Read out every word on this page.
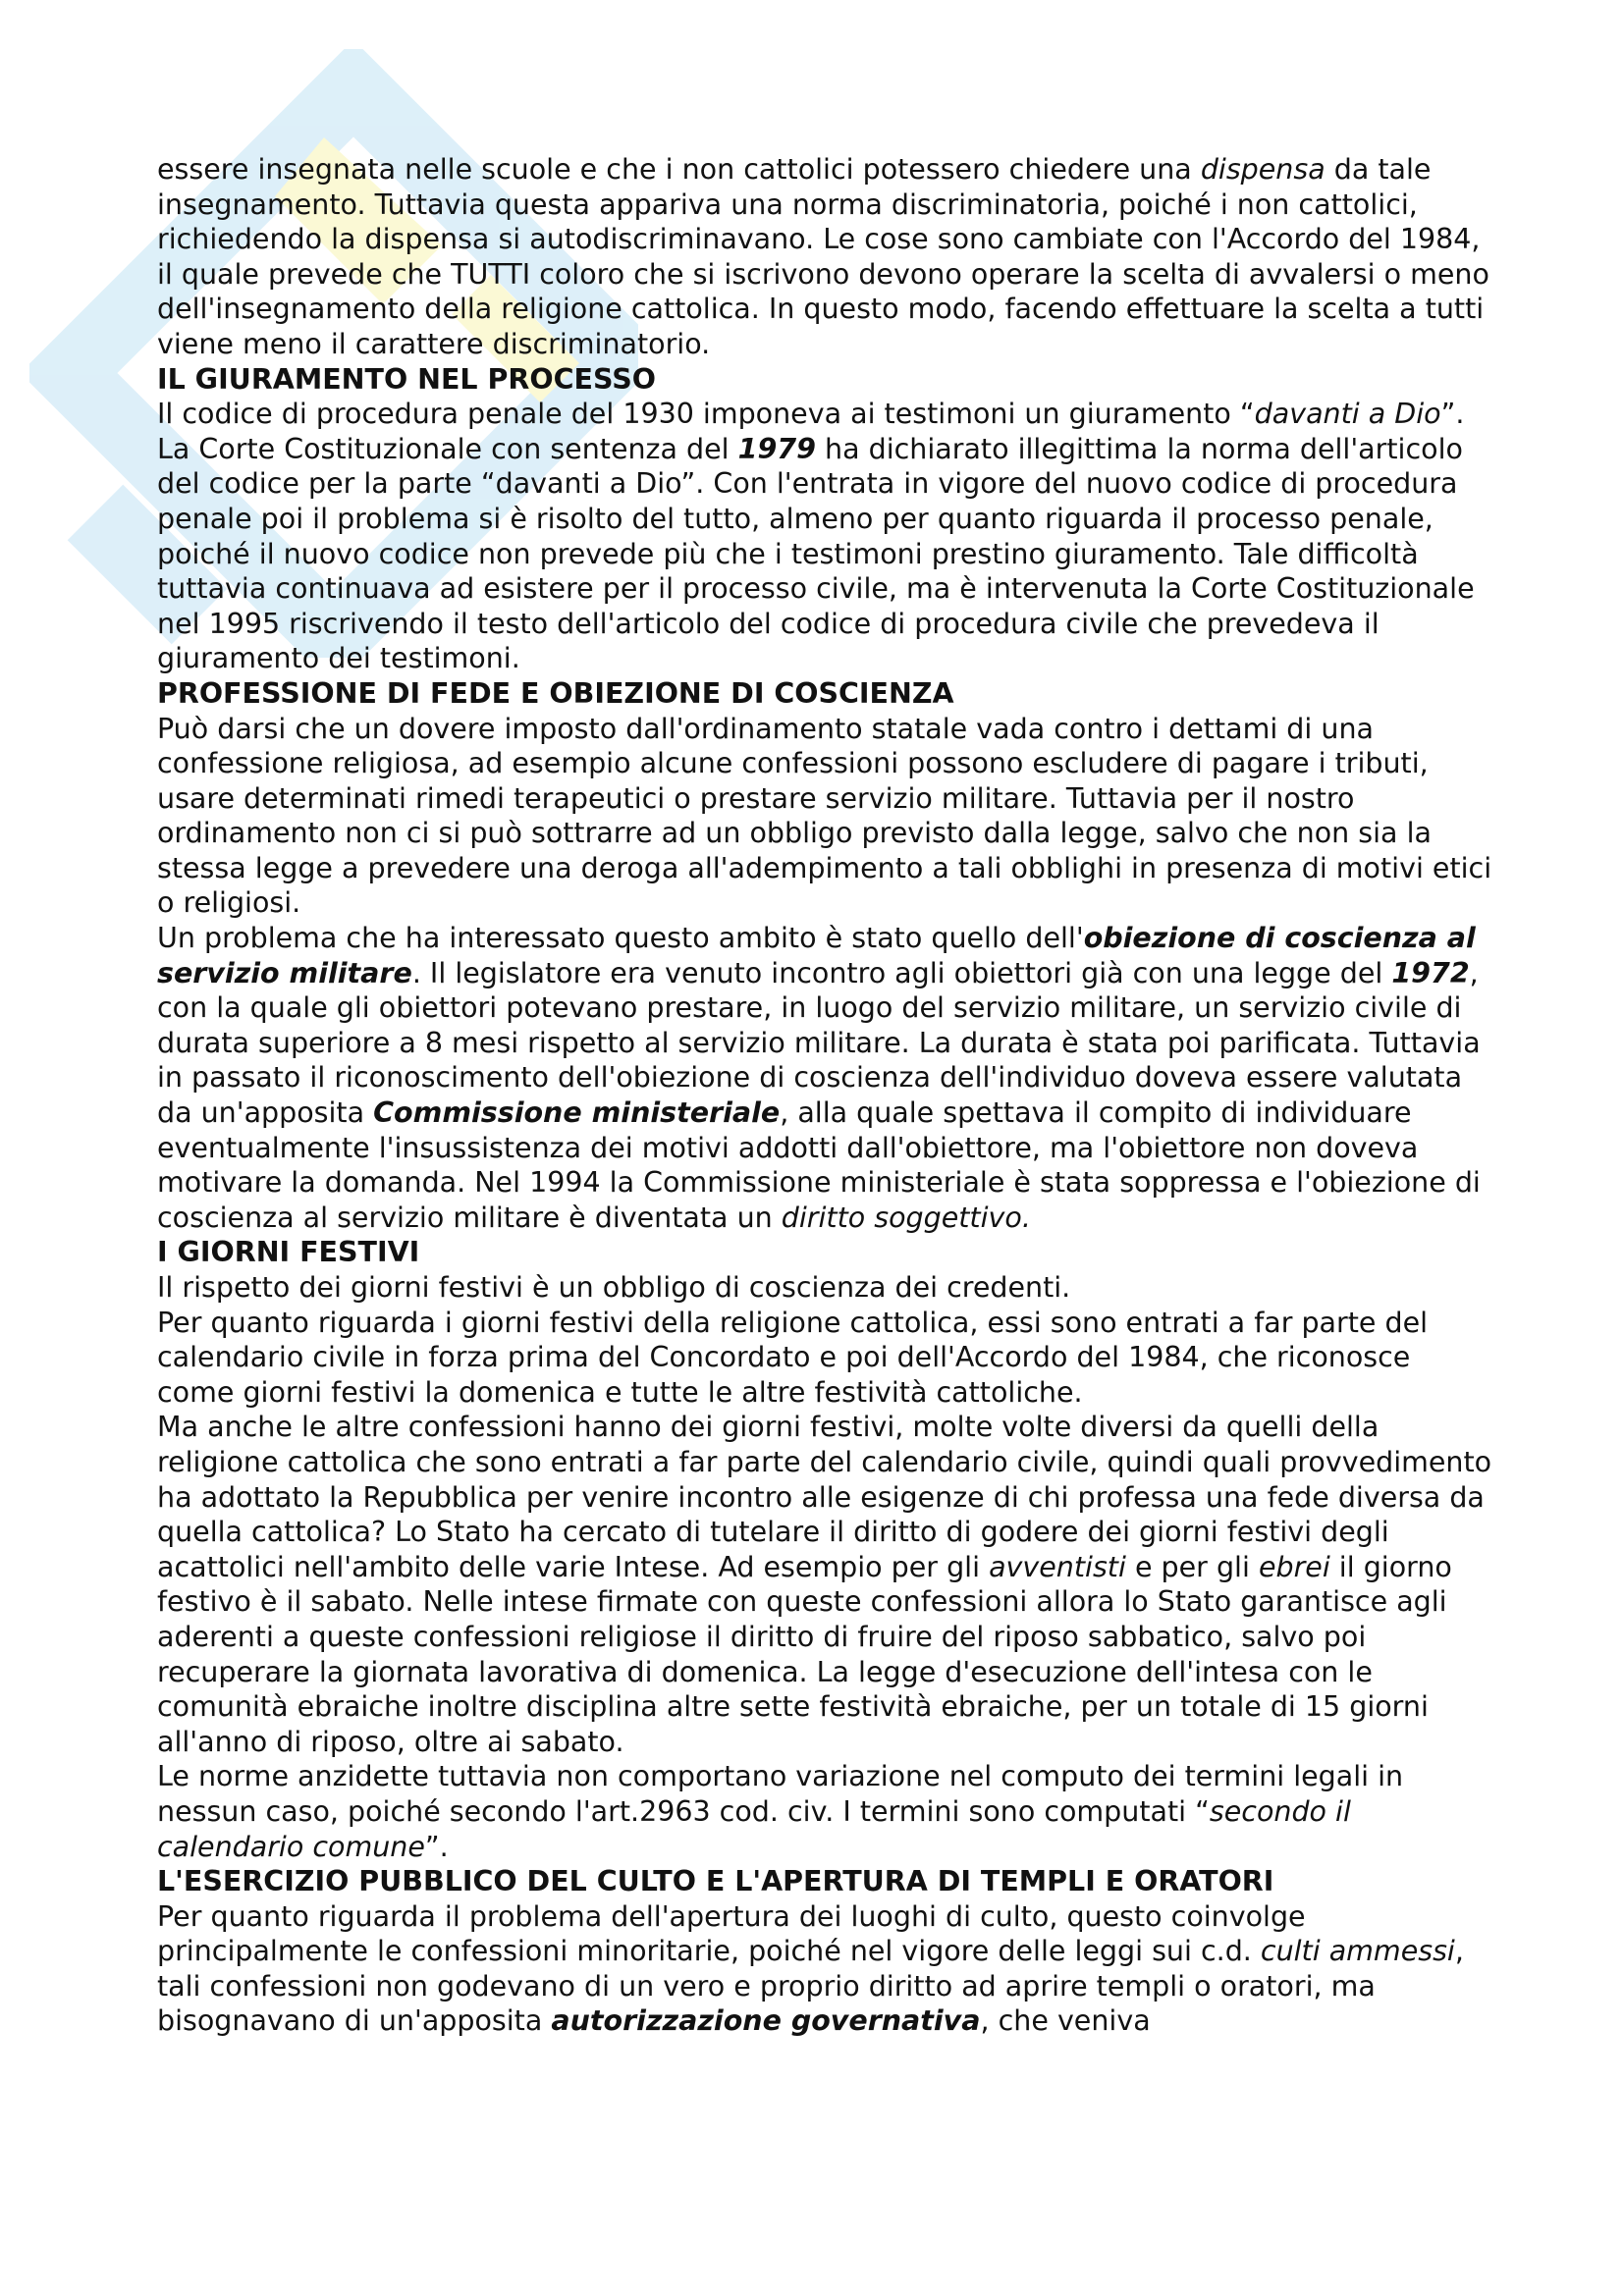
essere insegnata nelle scuole e che i non cattolici potessero chiedere una dispensa da tale insegnamento. Tuttavia questa appariva una norma discriminatoria, poiché i non cattolici, richiedendo la dispensa si autodiscriminavano. Le cose sono cambiate con l'Accordo del 1984, il quale prevede che TUTTI coloro che si iscrivono devono operare la scelta di avvalersi o meno dell'insegnamento della religione cattolica. In questo modo, facendo effettuare la scelta a tutti viene meno il carattere discriminatorio.

IL GIURAMENTO NEL PROCESSO

Il codice di procedura penale del 1930 imponeva ai testimoni un giuramento “davanti a Dio”. La Corte Costituzionale con sentenza del 1979 ha dichiarato illegittima la norma dell'articolo del codice per la parte “davanti a Dio”. Con l'entrata in vigore del nuovo codice di procedura penale poi il problema si è risolto del tutto, almeno per quanto riguarda il processo penale, poiché il nuovo codice non prevede più che i testimoni prestino giuramento. Tale difficoltà tuttavia continuava ad esistere per il processo civile, ma è intervenuta la Corte Costituzionale nel 1995 riscrivendo il testo dell'articolo del codice di procedura civile che prevedeva il giuramento dei testimoni.

PROFESSIONE DI FEDE E OBIEZIONE DI COSCIENZA

Può darsi che un dovere imposto dall'ordinamento statale vada contro i dettami di una confessione religiosa, ad esempio alcune confessioni possono escludere di pagare i tributi, usare determinati rimedi terapeutici o prestare servizio militare. Tuttavia per il nostro ordinamento non ci si può sottrarre ad un obbligo previsto dalla legge, salvo che non sia la stessa legge a prevedere una deroga all'adempimento a tali obblighi in presenza di motivi etici o religiosi.

Un problema che ha interessato questo ambito è stato quello dell'obiezione di coscienza al servizio militare. Il legislatore era venuto incontro agli obiettori già con una legge del 1972, con la quale gli obiettori potevano prestare, in luogo del servizio militare, un servizio civile di durata superiore a 8 mesi rispetto al servizio militare. La durata è stata poi parificata. Tuttavia in passato il riconoscimento dell'obiezione di coscienza dell'individuo doveva essere valutata da un'apposita Commissione ministeriale, alla quale spettava il compito di individuare eventualmente l'insussistenza dei motivi addotti dall'obiettore, ma l'obiettore non doveva motivare la domanda. Nel 1994 la Commissione ministeriale è stata soppressa e l'obiezione di coscienza al servizio militare è diventata un diritto soggettivo.

I GIORNI FESTIVI

Il rispetto dei giorni festivi è un obbligo di coscienza dei credenti.

Per quanto riguarda i giorni festivi della religione cattolica, essi sono entrati a far parte del calendario civile in forza prima del Concordato e poi dell'Accordo del 1984, che riconosce come giorni festivi la domenica e tutte le altre festività cattoliche.

Ma anche le altre confessioni hanno dei giorni festivi, molte volte diversi da quelli della religione cattolica che sono entrati a far parte del calendario civile, quindi quali provvedimento ha adottato la Repubblica per venire incontro alle esigenze di chi professa una fede diversa da quella cattolica? Lo Stato ha cercato di tutelare il diritto di godere dei giorni festivi degli acattolici nell'ambito delle varie Intese. Ad esempio per gli avventisti e per gli ebrei il giorno festivo è il sabato. Nelle intese firmate con queste confessioni allora lo Stato garantisce agli aderenti a queste confessioni religiose il diritto di fruire del riposo sabbatico, salvo poi recuperare la giornata lavorativa di domenica. La legge d'esecuzione dell'intesa con le comunità ebraiche inoltre disciplina altre sette festività ebraiche, per un totale di 15 giorni all'anno di riposo, oltre ai sabato.

Le norme anzidette tuttavia non comportano variazione nel computo dei termini legali in nessun caso, poiché secondo l'art.2963 cod. civ. I termini sono computati “secondo il calendario comune”.

L'ESERCIZIO PUBBLICO DEL CULTO E L'APERTURA DI TEMPLI E ORATORI

Per quanto riguarda il problema dell'apertura dei luoghi di culto, questo coinvolge principalmente le confessioni minoritarie, poiché nel vigore delle leggi sui c.d. culti ammessi, tali confessioni non godevano di un vero e proprio diritto ad aprire templi o oratori, ma bisognavano di un'apposita autorizzazione governativa, che veniva
